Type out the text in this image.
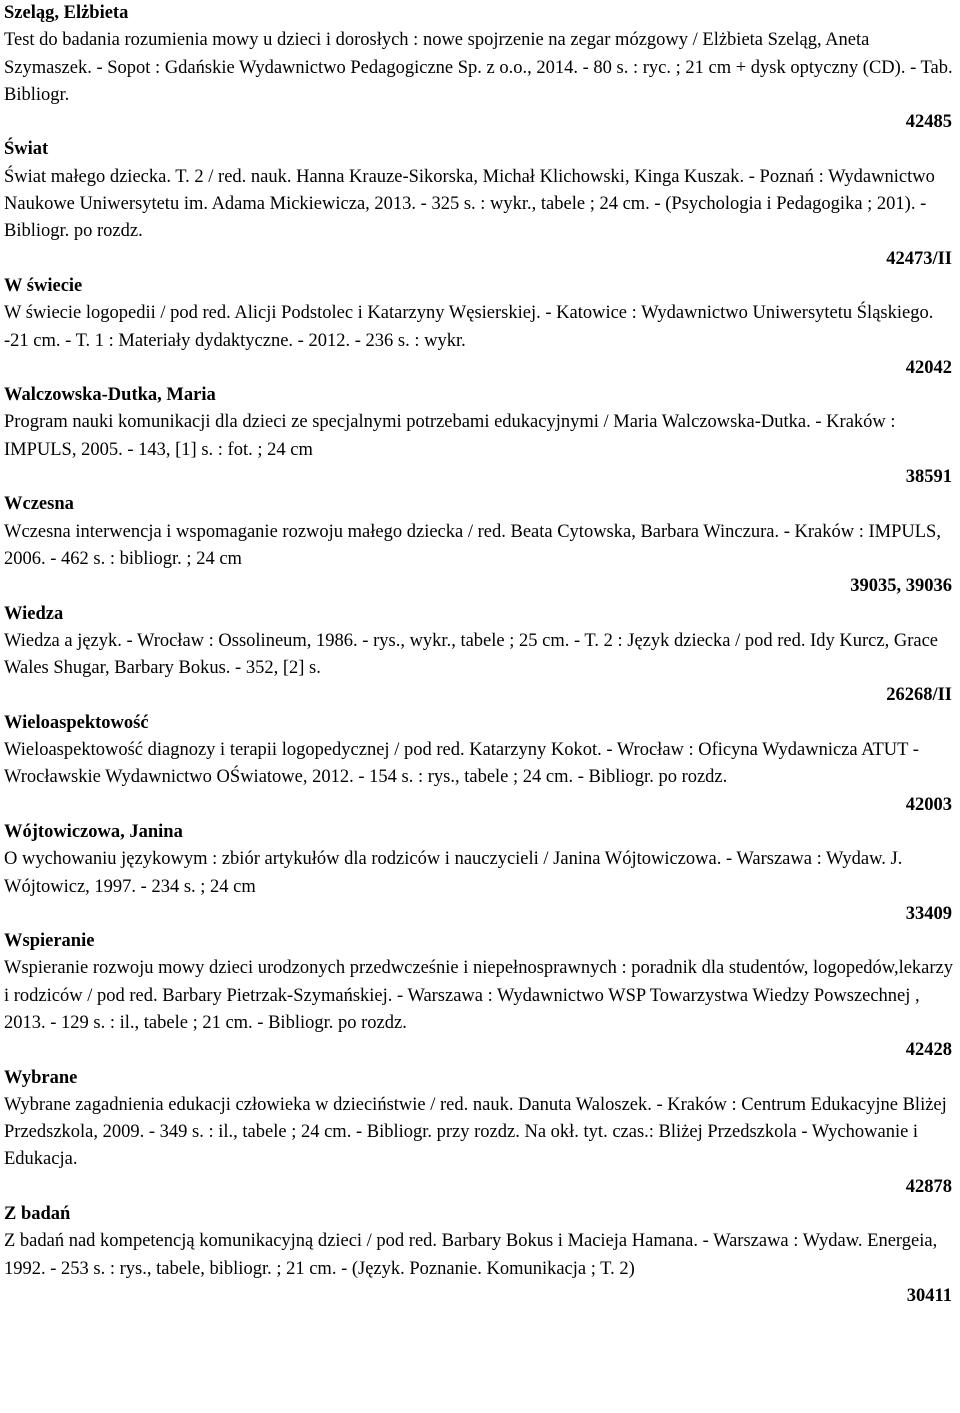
Szeląg, Elżbieta

Test do badania rozumienia mowy u dzieci i dorosłych : nowe spojrzenie na zegar mózgowy / Elżbieta Szeląg, Aneta Szymaszek. - Sopot : Gdańskie Wydawnictwo Pedagogiczne Sp. z o.o., 2014. - 80 s. : ryc. ; 21 cm + dysk optyczny (CD). - Tab. Bibliogr.

42485

Świat

Świat małego dziecka. T. 2 / red. nauk. Hanna Krauze-Sikorska, Michał Klichowski, Kinga Kuszak. - Poznań : Wydawnictwo Naukowe Uniwersytetu im. Adama Mickiewicza, 2013. - 325 s. : wykr., tabele ; 24 cm. - (Psychologia i Pedagogika ; 201). - Bibliogr. po rozdz.

42473/II

W świecie

W świecie logopedii / pod red. Alicji Podstolec i Katarzyny Węsierskiej. - Katowice : Wydawnictwo Uniwersytetu Śląskiego. -21 cm. - T. 1 : Materiały dydaktyczne. - 2012. - 236 s. : wykr.

42042

Walczowska-Dutka, Maria

Program nauki komunikacji dla dzieci ze specjalnymi potrzebami edukacyjnymi / Maria Walczowska-Dutka. - Kraków : IMPULS, 2005. - 143, [1] s. : fot. ; 24 cm

38591

Wczesna

Wczesna interwencja i wspomaganie rozwoju małego dziecka / red. Beata Cytowska, Barbara Winczura. - Kraków : IMPULS, 2006. - 462 s. : bibliogr. ; 24 cm

39035, 39036

Wiedza

Wiedza a język. - Wrocław : Ossolineum, 1986. - rys., wykr., tabele ; 25 cm. - T. 2 : Język dziecka / pod red. Idy Kurcz, Grace Wales Shugar, Barbary Bokus. - 352, [2] s.

26268/II

Wieloaspektowość

Wieloaspektowość diagnozy i terapii logopedycznej / pod red. Katarzyny Kokot. - Wrocław : Oficyna Wydawnicza ATUT - Wrocławskie Wydawnictwo OŚwiatowe, 2012. - 154 s. : rys., tabele ; 24 cm. - Bibliogr. po rozdz.

42003

Wójtowiczowa, Janina

O wychowaniu językowym : zbiór artykułów dla rodziców i nauczycieli / Janina Wójtowiczowa. - Warszawa : Wydaw. J. Wójtowicz, 1997. - 234 s. ; 24 cm

33409

Wspieranie

Wspieranie rozwoju mowy dzieci urodzonych przedwcześnie i niepełnosprawnych : poradnik dla studentów, logopedów,lekarzy i rodziców / pod red. Barbary Pietrzak-Szymańskiej. - Warszawa : Wydawnictwo WSP Towarzystwa Wiedzy Powszechnej , 2013. - 129 s. : il., tabele ; 21 cm. - Bibliogr. po rozdz.

42428

Wybrane

Wybrane zagadnienia edukacji człowieka w dzieciństwie / red. nauk. Danuta Waloszek. - Kraków : Centrum Edukacyjne Bliżej Przedszkola, 2009. - 349 s. : il., tabele ; 24 cm. - Bibliogr. przy rozdz. Na okł. tyt. czas.: Bliżej Przedszkola - Wychowanie i Edukacja.

42878

Z badań

Z badań nad kompetencją komunikacyjną dzieci / pod red. Barbary Bokus i Macieja Hamana. - Warszawa : Wydaw. Energeia, 1992. - 253 s. : rys., tabele, bibliogr. ; 21 cm. - (Język. Poznanie. Komunikacja ; T. 2)

30411
